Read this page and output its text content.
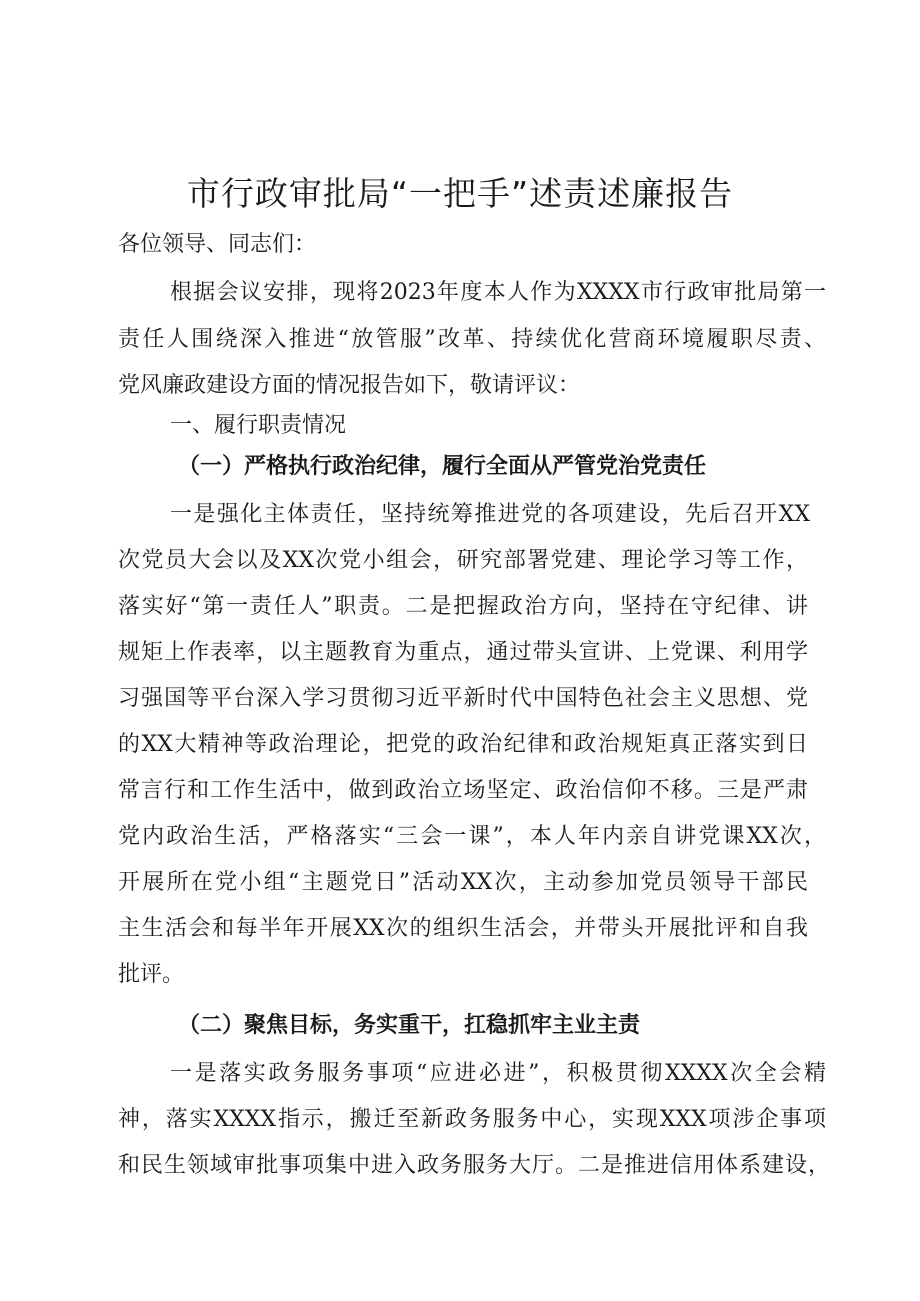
市行政审批局“一把手”述责述廉报告

各位领导、同志们：

根据会议安排，现将2023年度本人作为XXXX市行政审批局第一

责任人围绕深入推进“放管服”改革、持续优化营商环境履职尽责、

党风廉政建设方面的情况报告如下，敬请评议：

一、履行职责情况

（一）严格执行政治纪律，履行全面从严管党治党责任

一是强化主体责任，坚持统筹推进党的各项建设，先后召开XX

次党员大会以及XX次党小组会，研究部署党建、理论学习等工作，

落实好“第一责任人”职责。二是把握政治方向，坚持在守纪律、讲

规矩上作表率，以主题教育为重点，通过带头宣讲、上党课、利用学

习强国等平台深入学习贯彻习近平新时代中国特色社会主义思想、党

的XX大精神等政治理论，把党的政治纪律和政治规矩真正落实到日

常言行和工作生活中，做到政治立场坚定、政治信仰不移。三是严肃

党内政治生活，严格落实“三会一课”，本人年内亲自讲党课XX次，

开展所在党小组“主题党日”活动XX次，主动参加党员领导干部民

主生活会和每半年开展XX次的组织生活会，并带头开展批评和自我

批评。

（二）聚焦目标，务实重干，扛稳抓牢主业主责

一是落实政务服务事项“应进必进”，积极贯彻XXXX次全会精

神，落实XXXX指示，搬迁至新政务服务中心，实现XXX项涉企事项

和民生领域审批事项集中进入政务服务大厅。二是推进信用体系建设，
